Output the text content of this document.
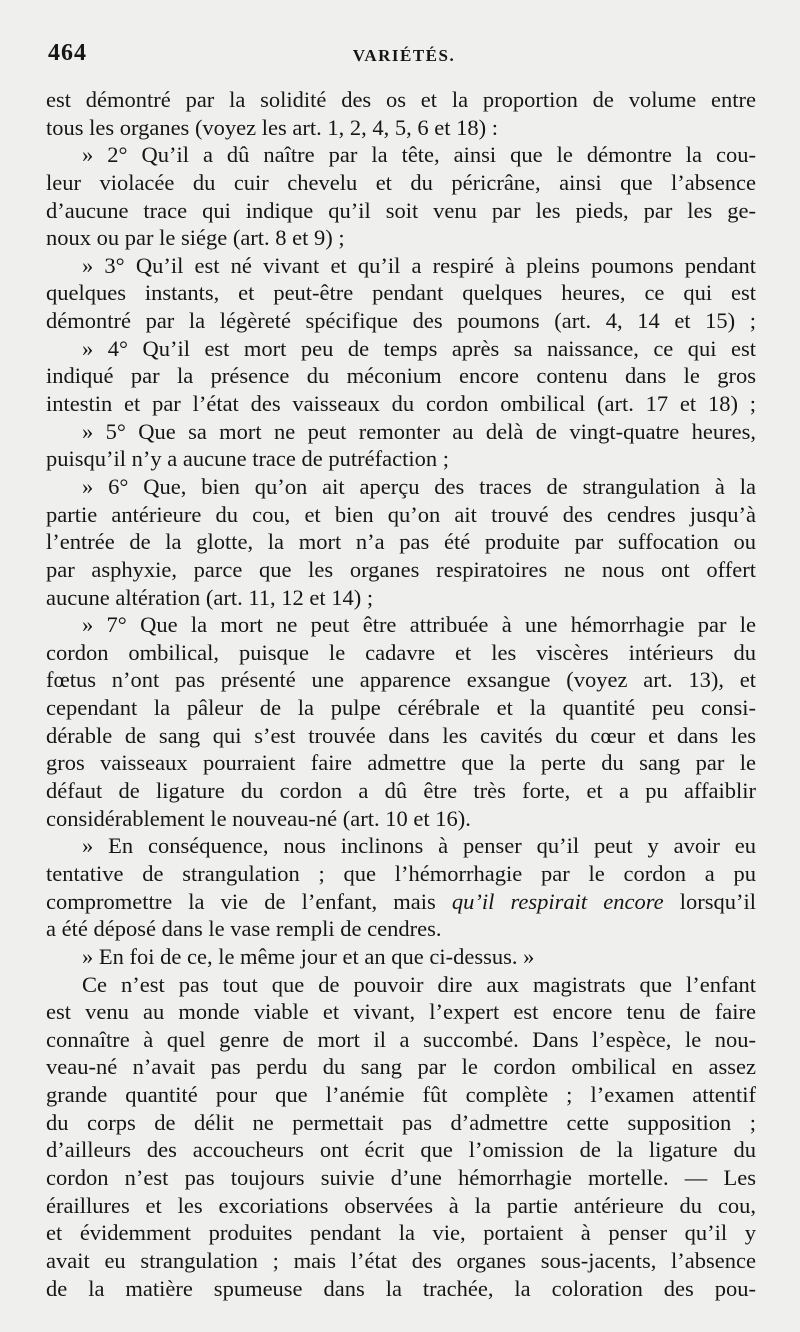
464	VARIÉTÉS.
est démontré par la solidité des os et la proportion de volume entre
tous les organes (voyez les art. 1, 2, 4, 5, 6 et 18) :
» 2° Qu’il a dû naître par la tête, ainsi que le démontre la cou-
leur violacée du cuir chevelu et du péricrâne, ainsi que l’absence
d’aucune trace qui indique qu’il soit venu par les pieds, par les ge-
noux ou par le siége (art. 8 et 9) ;
» 3° Qu’il est né vivant et qu’il a respiré à pleins poumons pendant
quelques instants, et peut-être pendant quelques heures, ce qui est
démontré par la légèreté spécifique des poumons (art. 4, 14 et 15) ;
» 4° Qu’il est mort peu de temps après sa naissance, ce qui est
indiqué par la présence du méconium encore contenu dans le gros
intestin et par l’état des vaisseaux du cordon ombilical (art. 17 et 18) ;
» 5° Que sa mort ne peut remonter au delà de vingt-quatre heures,
puisqu’il n’y a aucune trace de putréfaction ;
» 6° Que, bien qu’on ait aperçu des traces de strangulation à la
partie antérieure du cou, et bien qu’on ait trouvé des cendres jusqu’à
l’entrée de la glotte, la mort n’a pas été produite par suffocation ou
par asphyxie, parce que les organes respiratoires ne nous ont offert
aucune altération (art. 11, 12 et 14) ;
» 7° Que la mort ne peut être attribuée à une hémorrhagie par le
cordon ombilical, puisque le cadavre et les viscères intérieurs du
fœtus n’ont pas présenté une apparence exsangue (voyez art. 13), et
cependant la pâleur de la pulpe cérébrale et la quantité peu consi-
dérable de sang qui s’est trouvée dans les cavités du cœur et dans les
gros vaisseaux pourraient faire admettre que la perte du sang par le
défaut de ligature du cordon a dû être très forte, et a pu affaiblir
considérablement le nouveau-né (art. 10 et 16).
» En conséquence, nous inclinons à penser qu’il peut y avoir eu
tentative de strangulation ; que l’hémorrhagie par le cordon a pu
compromettre la vie de l’enfant, mais qu’il respirait encore lorsqu’il
a été déposé dans le vase rempli de cendres.
» En foi de ce, le même jour et an que ci-dessus. »
Ce n’est pas tout que de pouvoir dire aux magistrats que l’enfant
est venu au monde viable et vivant, l’expert est encore tenu de faire
connaître à quel genre de mort il a succombé. Dans l’espèce, le nou-
veau-né n’avait pas perdu du sang par le cordon ombilical en assez
grande quantité pour que l’anémie fût complète ; l’examen attentif
du corps de délit ne permettait pas d’admettre cette supposition ;
d’ailleurs des accoucheurs ont écrit que l’omission de la ligature du
cordon n’est pas toujours suivie d’une hémorrhagie mortelle. — Les
éraillures et les excoriations observées à la partie antérieure du cou,
et évidemment produites pendant la vie, portaient à penser qu’il y
avait eu strangulation ; mais l’état des organes sous-jacents, l’absence
de la matière spumeuse dans la trachée, la coloration des pou-
